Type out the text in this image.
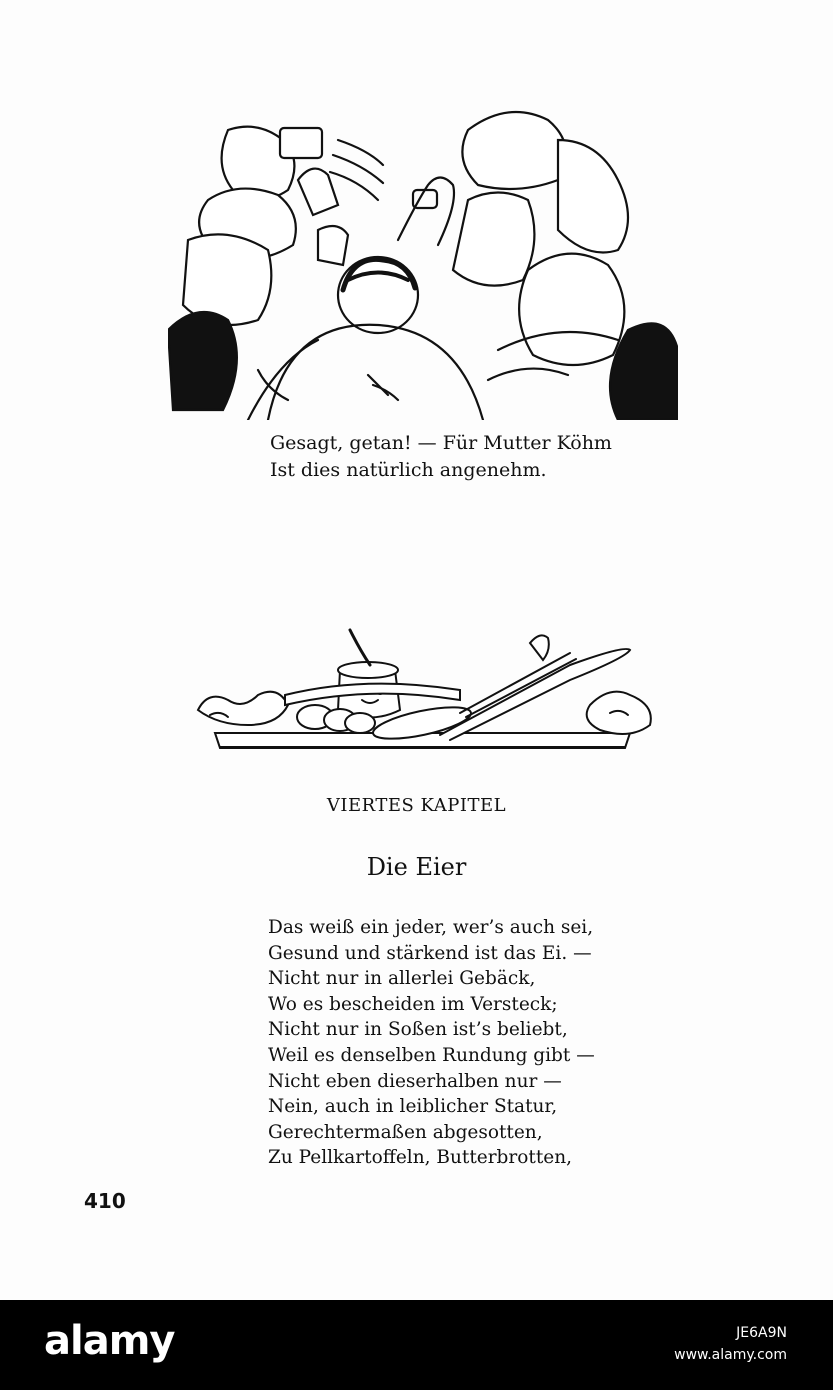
Gesagt, getan! — Für Mutter Köhm
Ist dies natürlich angenehm.
VIERTES KAPITEL
Die Eier
Das weiß ein jeder, wer’s auch sei,
Gesund und stärkend ist das Ei. —
Nicht nur in allerlei Gebäck,
Wo es bescheiden im Versteck;
Nicht nur in Soßen ist’s beliebt,
Weil es denselben Rundung gibt —
Nicht eben dieserhalben nur —
Nein, auch in leiblicher Statur,
Gerechtermaßen abgesotten,
Zu Pellkartoffeln, Butterbrotten,
410
alamy	JE6A9N
www.alamy.com
